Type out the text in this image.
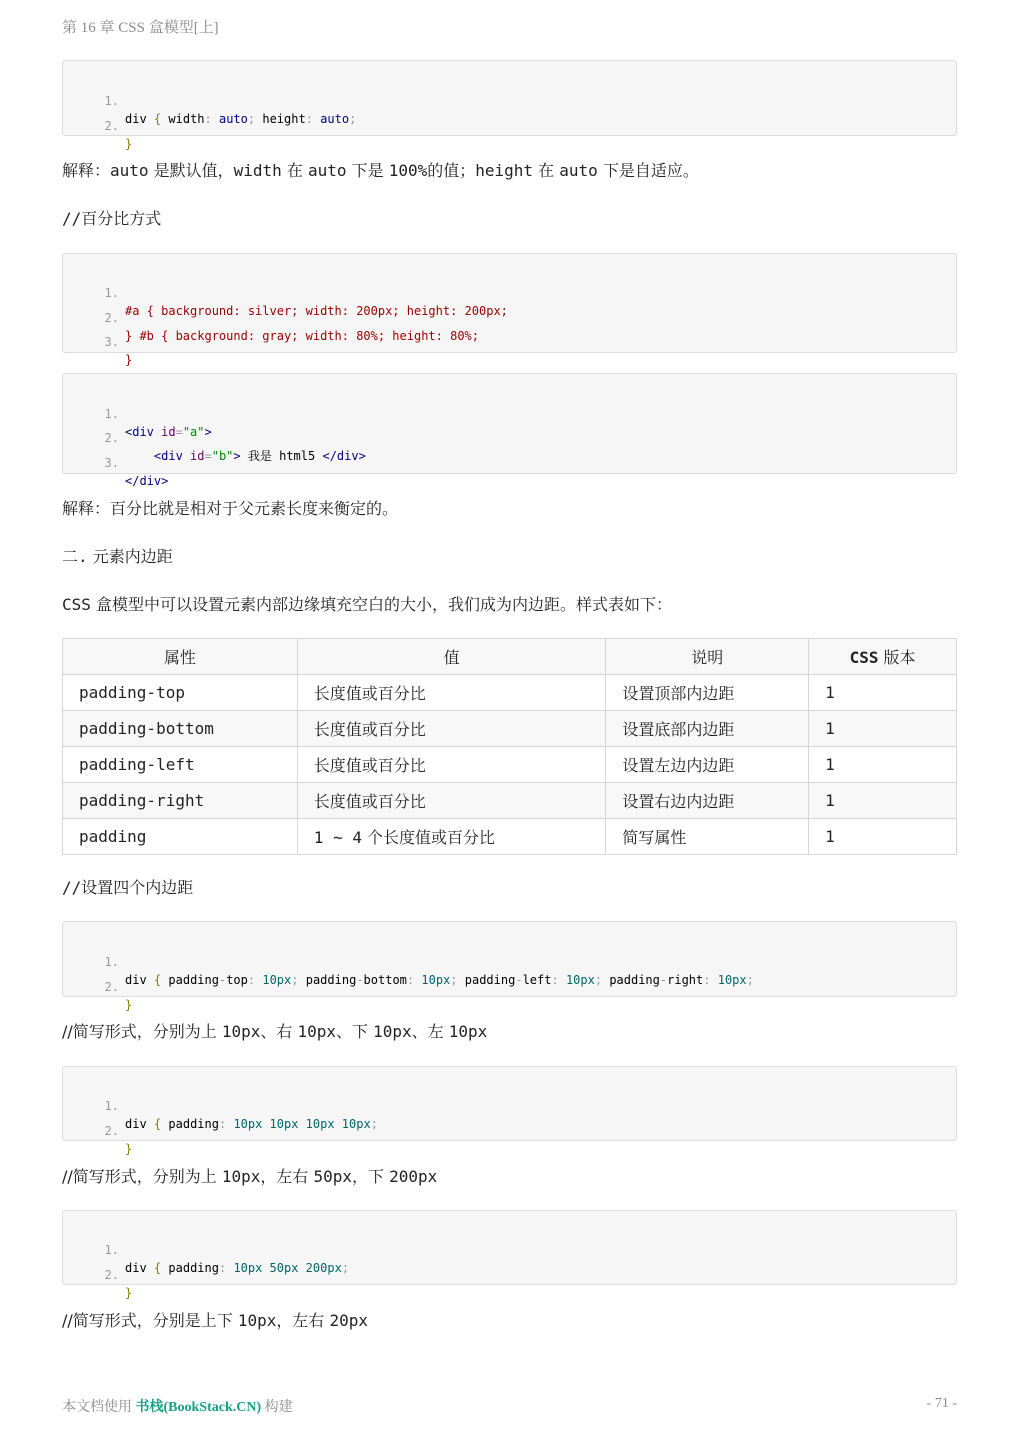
第 16 章 CSS 盒模型[上]

1.

div { width: auto; height: auto;

2.

}

解释：auto 是默认值，width 在 auto 下是 100%的值；height 在 auto 下是自适应。
//百分比方式

1.

#a { background: silver; width: 200px; height: 200px;

2.

} #b { background: gray; width: 80%; height: 80%;

3.

}

1.

<div id="a">

2.

<div id="b"> 我是 html5 </div>

3.

</div>

解释：百分比就是相对于父元素长度来衡定的。
二. 元素内边距
CSS 盒模型中可以设置元素内部边缘填充空白的大小，我们成为内边距。样式表如下：
属性	值	说明	CSS 版本
padding-top	长度值或百分比	设置顶部内边距	1
padding-bottom	长度值或百分比	设置底部内边距	1
padding-left	长度值或百分比	设置左边内边距	1
padding-right	长度值或百分比	设置右边内边距	1
padding	1 ~ 4 个长度值或百分比	简写属性	1
//设置四个内边距

1.

div { padding-top: 10px; padding-bottom: 10px; padding-left: 10px; padding-right: 10px;

2.

}

//简写形式，分别为上 10px、右 10px、下 10px、左 10px

1.

div { padding: 10px 10px 10px 10px;

2.

}

//简写形式，分别为上 10px，左右 50px，下 200px

1.

div { padding: 10px 50px 200px;

2.

}

//简写形式，分别是上下 10px，左右 20px
本文档使用 书栈(BookStack.CN) 构建	- 71 -
